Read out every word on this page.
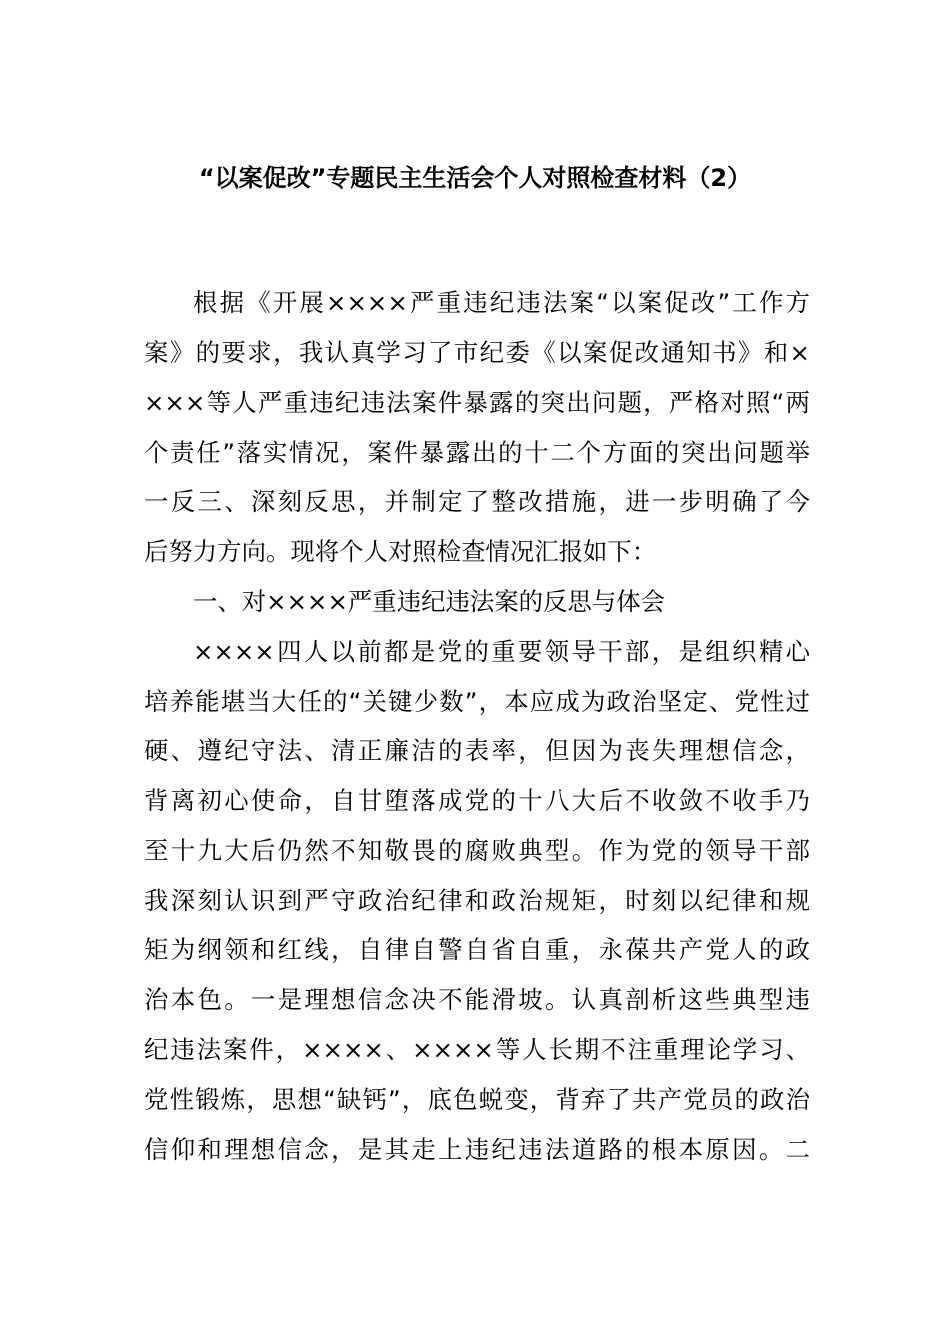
“以案促改”专题民主生活会个人对照检查材料（2）
根据《开展××××严重违纪违法案“以案促改”工作方
案》的要求，我认真学习了市纪委《以案促改通知书》和×
×××等人严重违纪违法案件暴露的突出问题，严格对照“两
个责任”落实情况，案件暴露出的十二个方面的突出问题举
一反三、深刻反思，并制定了整改措施，进一步明确了今
后努力方向。现将个人对照检查情况汇报如下：
一、对××××严重违纪违法案的反思与体会
××××四人以前都是党的重要领导干部，是组织精心
培养能堪当大任的“关键少数”，本应成为政治坚定、党性过
硬、遵纪守法、清正廉洁的表率，但因为丧失理想信念，
背离初心使命，自甘堕落成党的十八大后不收敛不收手乃
至十九大后仍然不知敬畏的腐败典型。作为党的领导干部
我深刻认识到严守政治纪律和政治规矩，时刻以纪律和规
矩为纲领和红线，自律自警自省自重，永葆共产党人的政
治本色。一是理想信念决不能滑坡。认真剖析这些典型违
纪违法案件，××××、××××等人长期不注重理论学习、
党性锻炼，思想“缺钙”，底色蜕变，背弃了共产党员的政治
信仰和理想信念，是其走上违纪违法道路的根本原因。二
